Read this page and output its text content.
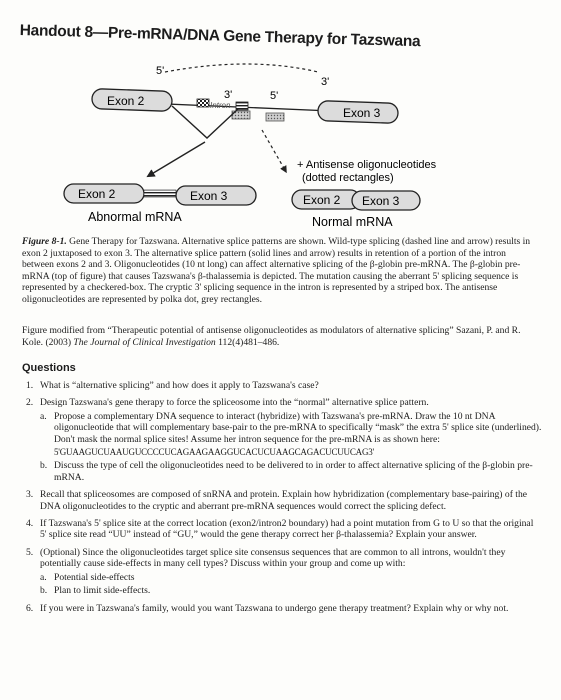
Handout 8—Pre-mRNA/DNA Gene Therapy for Tazswana
5'
3'
Exon 2	Intron
3'	5'
Exon 3
+ Antisense oligonucleotides
(dotted rectangles)
Exon 2	Exon 3
Abnormal mRNA
Exon 2 Exon 3
Normal mRNA
Figure 8-1. Gene Therapy for Tazswana. Alternative splice patterns are shown. Wild-type splicing (dashed line and arrow) results in exon 2 juxtaposed to exon 3. The alternative splice pattern (solid lines and arrow) results in retention of a portion of the intron between exons 2 and 3. Oligonucleotides (10 nt long) can affect alternative splicing of the β-globin pre-mRNA. The β-globin pre-mRNA (top of figure) that causes Tazswana's β-thalassemia is depicted. The mutation causing the aberrant 5' splicing sequence is represented by a checkered-box. The cryptic 3' splicing sequence in the intron is represented by a striped box. The antisense oligonucleotides are represented by polka dot, grey rectangles.
Figure modified from “Therapeutic potential of antisense oligonucleotides as modulators of alternative splicing” Sazani, P. and R. Kole. (2003) The Journal of Clinical Investigation 112(4)481–486.
Questions
1. What is “alternative splicing” and how does it apply to Tazswana's case?
2. Design Tazswana's gene therapy to force the spliceosome into the “normal” alternative splice pattern.
a. Propose a complementary DNA sequence to interact (hybridize) with Tazswana's pre-mRNA. Draw the 10 nt DNA oligonucleotide that will complementary base-pair to the pre-mRNA to specifically “mask” the extra 5' splice site (underlined). Don't mask the normal splice sites! Assume her intron sequence for the pre-mRNA is as shown here:
5'GUAAGUCUAAUGUCCCCUCAGAAGAAGGUCACUCUAAGCAGACUCUUCAG3'
b. Discuss the type of cell the oligonucleotides need to be delivered to in order to affect alternative splicing of the β-globin pre-mRNA.
3. Recall that spliceosomes are composed of snRNA and protein. Explain how hybridization (complementary base-pairing) of the DNA oligonucleotides to the cryptic and aberrant pre-mRNA sequences would correct the splicing defect.
4. If Tazswana's 5' splice site at the correct location (exon2/intron2 boundary) had a point mutation from G to U so that the original 5' splice site read “UU” instead of “GU,” would the gene therapy correct her β-thalassemia? Explain your answer.
5. (Optional) Since the oligonucleotides target splice site consensus sequences that are common to all introns, wouldn't they potentially cause side-effects in many cell types? Discuss within your group and come up with:
a. Potential side-effects
b. Plan to limit side-effects.
6. If you were in Tazswana's family, would you want Tazswana to undergo gene therapy treatment? Explain why or why not.
